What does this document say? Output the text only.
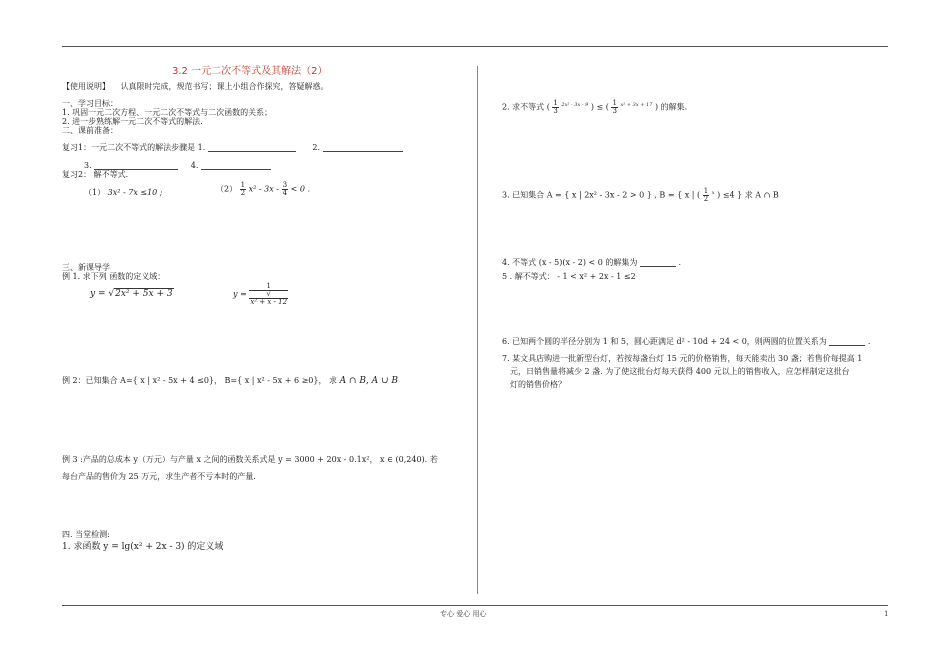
3.2 一元二次不等式及其解法（2）
【使用说明】 认真限时完成，规范书写；课上小组合作探究，答疑解惑。
一、学习目标：
1. 巩固一元二次方程、一元二次不等式与二次函数的关系；
2. 进一步熟练解一元二次不等式的解法.
二、课前准备：
复习1：一元二次不等式的解法步骤是 1.	2.
3.	4.
复习2： 解不等式.
（1） 3x² - 7x ≤10 ;	$(2) \frac{1}{2} x^2 - 3x - \frac{3}{4} < 0$ .
三、新课导学
例 1. 求下列 函数的定义域：
y = √2x² + 5x + 3	y = 1
√
x² + x - 12
例 2：已知集合 A={ x | x² - 5x + 4 ≤0}， B={ x | x² - 5x + 6 ≥0}， 求 A ∩ B, A ∪ B
例 3 :产品的总成本 y（万元）与产量 x 之间的函数关系式是 y = 3000 + 20x - 0.1x²， x ∈ (0,240). 若
每台产品的售价为 25 万元，求生产者不亏本时的产量.
四. 当堂检测:
1. 求函数 y = lg(x² + 2x - 3) 的定义域
2. 求不等式 ( $\frac{1}{3} ^{2x^2 - 3x - 9}$ ) ≤ ( $\frac{1}{3} ^{x^2 + 3x + 17}$ ) 的解集.
3. 已知集合 A = { x | 2x² - 3x - 2 > 0 } , B = { x | ( $\frac{1}{2} ^x$ ) ≤4 } 求 A ∩ B
4. 不等式 (x - 5)(x - 2) < 0 的解集为	.
5 . 解不等式： - 1 < x² + 2x - 1 ≤2
6. 已知两个圆的半径分别为 1 和 5，圆心距满足 d² - 10d + 24 < 0，则两圆的位置关系为	.
7. 某文具店购进一批新型台灯，若按每盏台灯 15 元的价格销售，每天能卖出 30 盏；若售价每提高 1
元，日销售量将减少 2 盏. 为了使这批台灯每天获得 400 元以上的销售收入，应怎样制定这批台
灯的销售价格？
专心 爱心 用心	1
